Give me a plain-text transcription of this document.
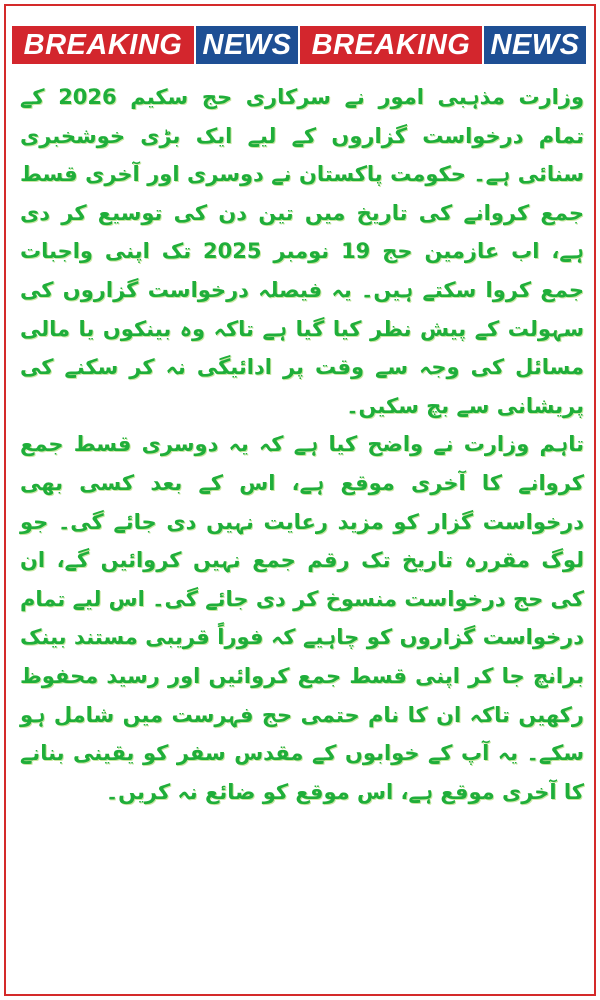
BREAKING NEWS BREAKING NEWS

وزارت مذہبی امور نے سرکاری حج سکیم 2026 کے تمام درخواست گزاروں کے لیے ایک بڑی خوشخبری سنائی ہے۔ حکومت پاکستان نے دوسری اور آخری قسط جمع کروانے کی تاریخ میں تین دن کی توسیع کر دی ہے، اب عازمین حج 19 نومبر 2025 تک اپنی واجبات جمع کروا سکتے ہیں۔ یہ فیصلہ درخواست گزاروں کی سہولت کے پیش نظر کیا گیا ہے تاکہ وہ بینکوں یا مالی مسائل کی وجہ سے وقت پر ادائیگی نہ کر سکنے کی پریشانی سے بچ سکیں۔

تاہم وزارت نے واضح کیا ہے کہ یہ دوسری قسط جمع کروانے کا آخری موقع ہے، اس کے بعد کسی بھی درخواست گزار کو مزید رعایت نہیں دی جائے گی۔ جو لوگ مقررہ تاریخ تک رقم جمع نہیں کروائیں گے، ان کی حج درخواست منسوخ کر دی جائے گی۔ اس لیے تمام درخواست گزاروں کو چاہیے کہ فوراً قریبی مستند بینک برانچ جا کر اپنی قسط جمع کروائیں اور رسید محفوظ رکھیں تاکہ ان کا نام حتمی حج فہرست میں شامل ہو سکے۔ یہ آپ کے خوابوں کے مقدس سفر کو یقینی بنانے کا آخری موقع ہے، اس موقع کو ضائع نہ کریں۔
